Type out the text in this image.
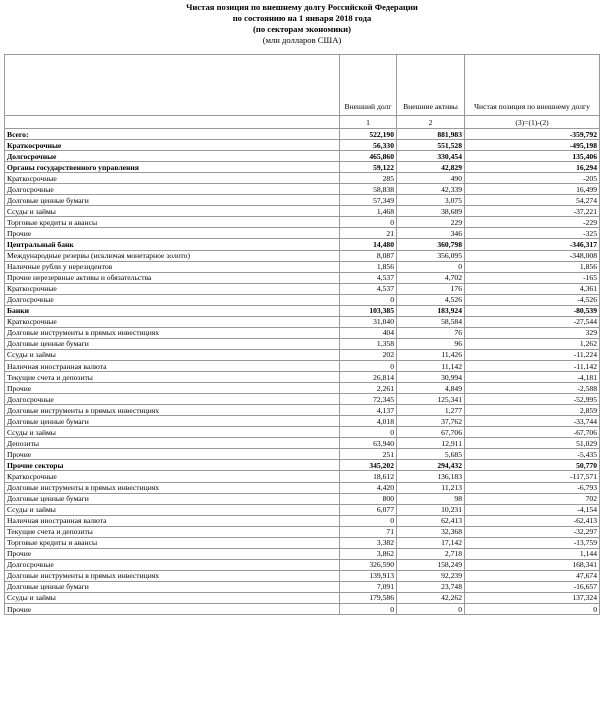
Чистая позиция по внешнему долгу Российской Федерации
по состоянию на 1 января 2018 года
(по секторам экономики)
(млн долларов США)
	Внешний долг	Внешние активы	Чистая позиция по внешнему долгу
	1	2	(3)=(1)-(2)
Всего:	522,190	881,983	-359,792
Краткосрочные	56,330	551,528	-495,198
Долгосрочные	465,860	330,454	135,406
Органы государственного управления	59,122	42,829	16,294
Краткосрочные	285	490	-205
Долгосрочные	58,838	42,339	16,499
Долговые ценные бумаги	57,349	3,075	54,274
Ссуды и займы	1,468	38,689	-37,221
Торговые кредиты и авансы	0	229	-229
Прочие	21	346	-325
Центральный банк	14,480	360,798	-346,317
Международные резервы (исключая монетарное золото)	8,087	356,095	-348,008
Наличные рубли у нерезидентов	1,856	0	1,856
Прочие нерезервные активы и обязательства	4,537	4,702	-165
Краткосрочные	4,537	176	4,361
Долгосрочные	0	4,526	-4,526
Банки	103,385	183,924	-80,539
Краткосрочные	31,040	58,584	-27,544
Долговые инструменты в прямых инвестициях	404	76	329
Долговые ценные бумаги	1,358	96	1,262
Ссуды и займы	202	11,426	-11,224
Наличная иностранная валюта	0	11,142	-11,142
Текущие счета и депозиты	26,814	30,994	-4,181
Прочие	2,261	4,849	-2,588
Долгосрочные	72,345	125,341	-52,995
Долговые инструменты в прямых инвестициях	4,137	1,277	2,859
Долговые ценные бумаги	4,018	37,762	-33,744
Ссуды и займы	0	67,706	-67,706
Депозиты	63,940	12,911	51,029
Прочие	251	5,685	-5,435
Прочие секторы	345,202	294,432	50,770
Краткосрочные	18,612	136,183	-117,571
Долговые инструменты в прямых инвестициях	4,420	11,213	-6,793
Долговые ценные бумаги	800	98	702
Ссуды и займы	6,077	10,231	-4,154
Наличная иностранная валюта	0	62,413	-62,413
Текущие счета и депозиты	71	32,368	-32,297
Торговые кредиты и авансы	3,382	17,142	-13,759
Прочие	3,862	2,718	1,144
Долгосрочные	326,590	158,249	168,341
Долговые инструменты в прямых инвестициях	139,913	92,239	47,674
Долговые ценные бумаги	7,091	23,748	-16,657
Ссуды и займы	179,586	42,262	137,324
Прочие	0	0	0
